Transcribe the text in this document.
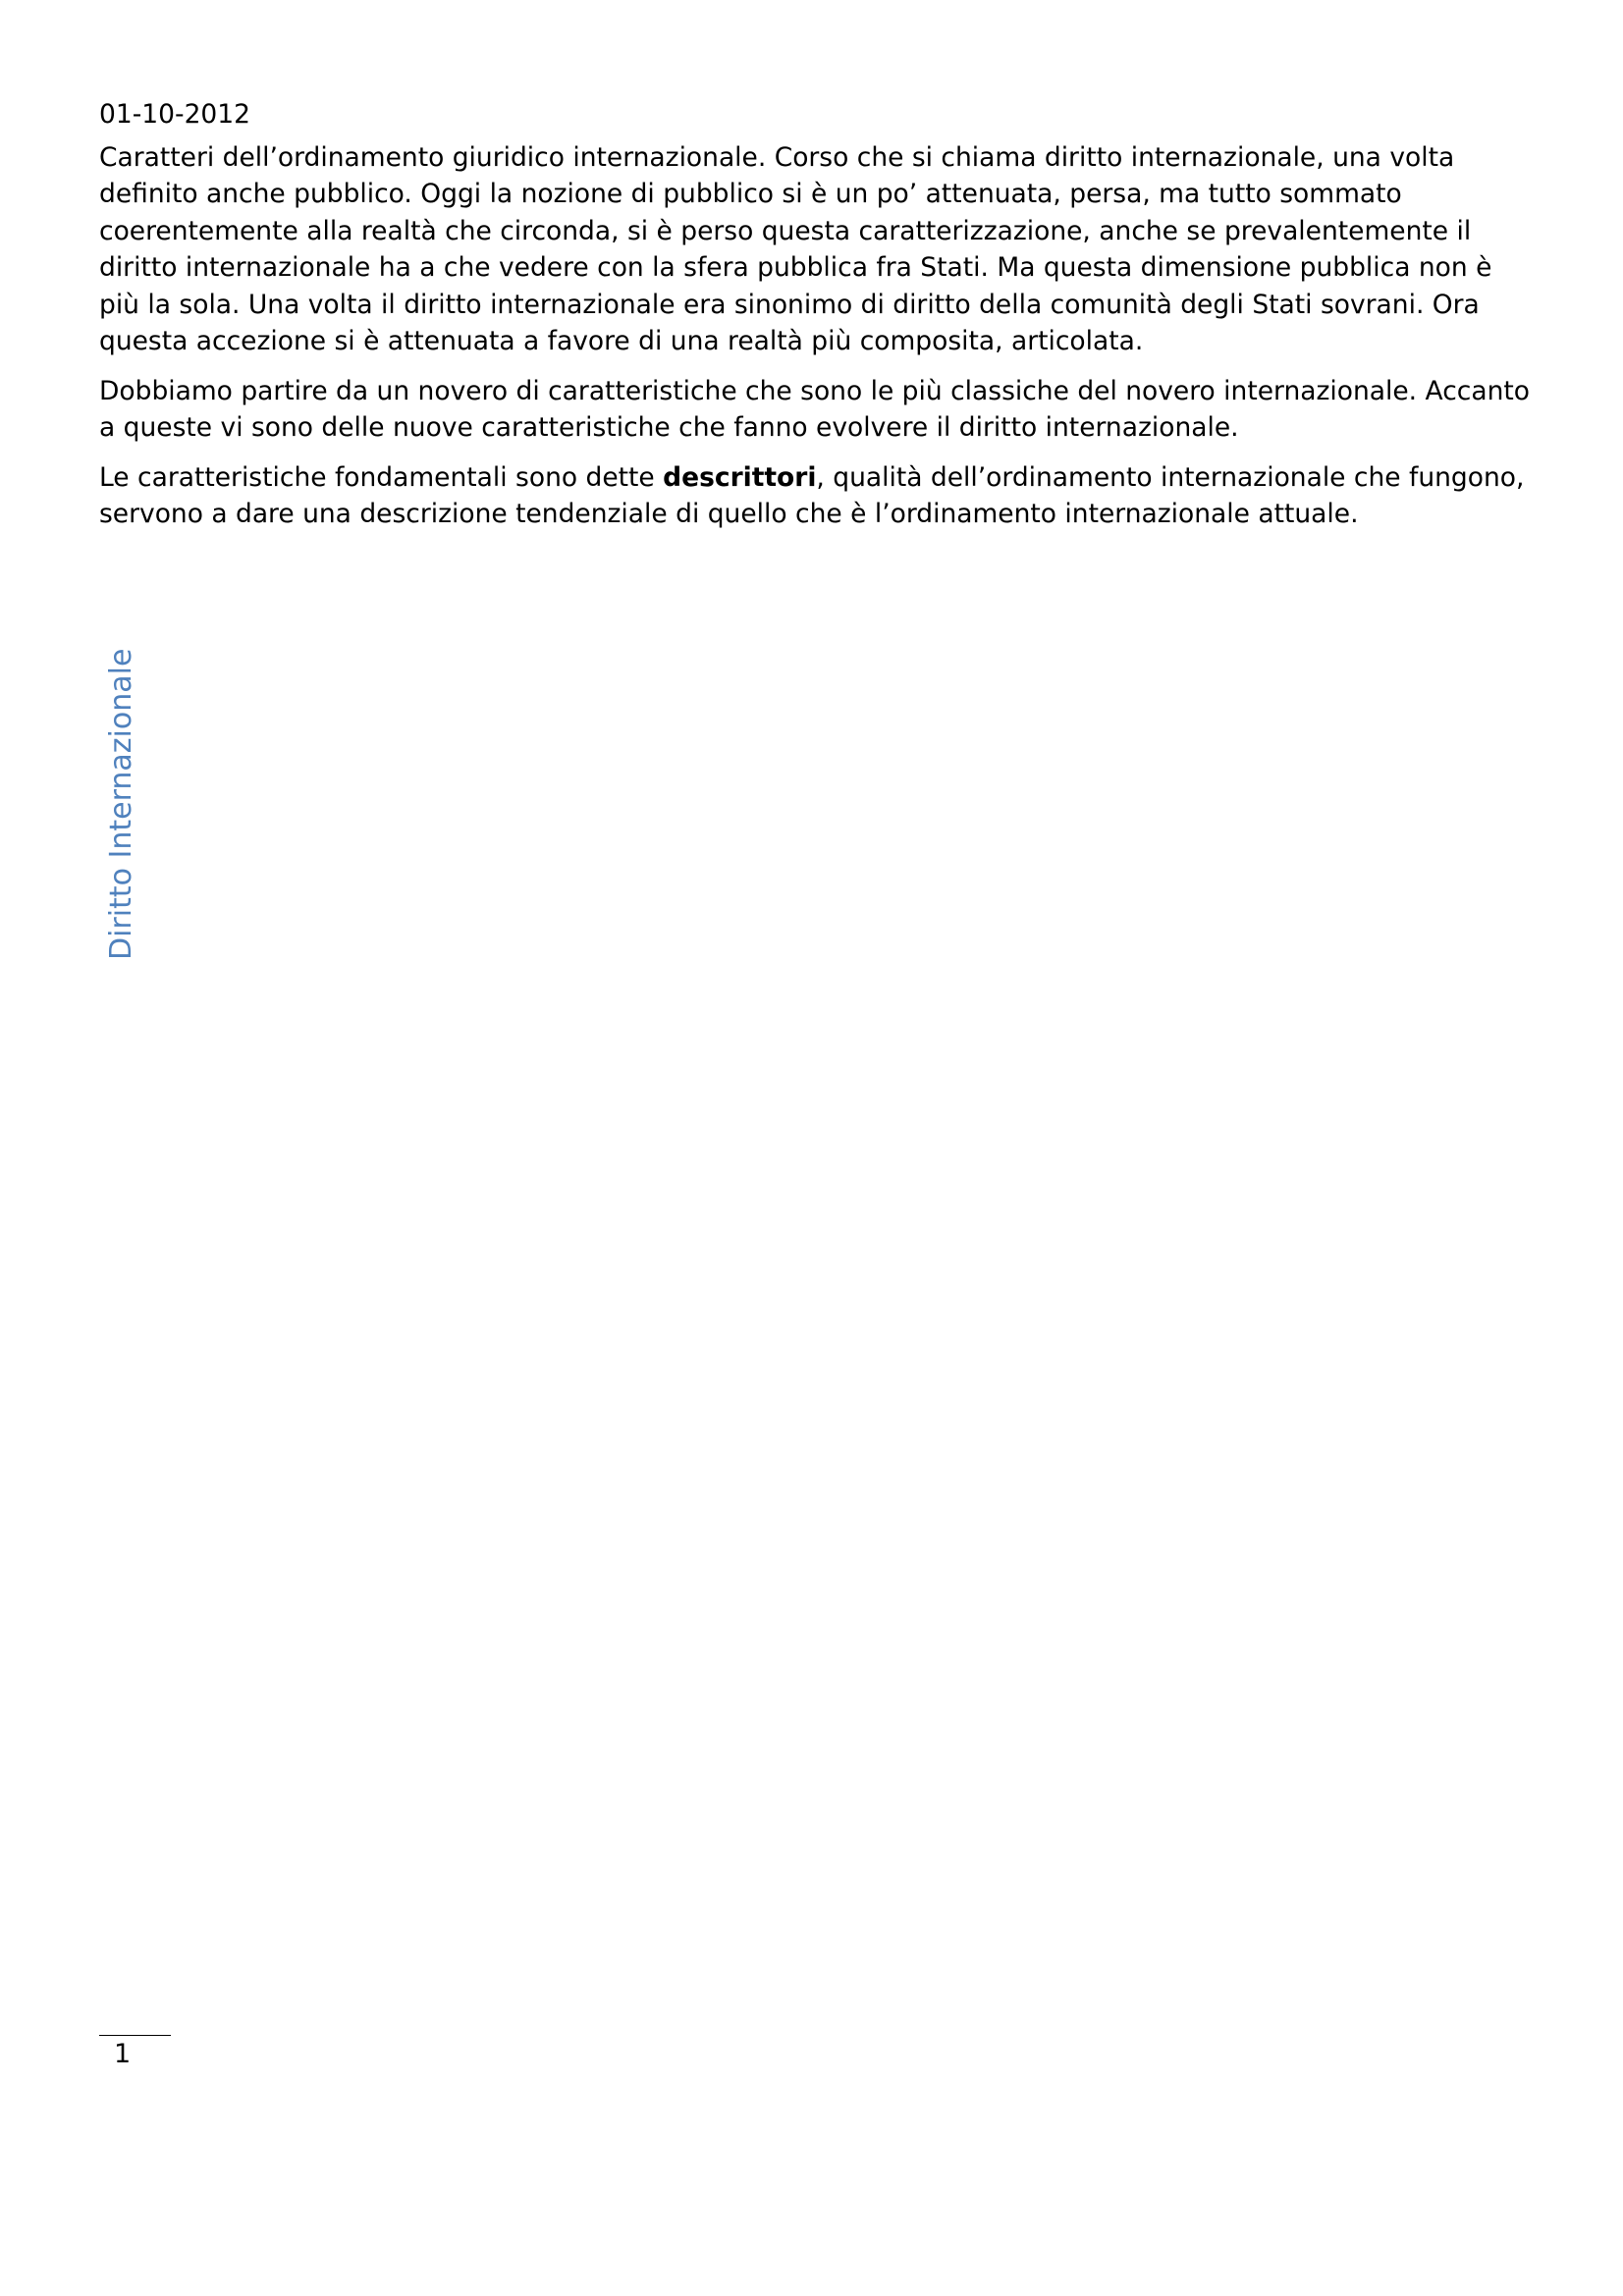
01-10-2012

Caratteri dell’ordinamento giuridico internazionale. Corso che si chiama diritto internazionale, una volta definito anche pubblico. Oggi la nozione di pubblico si è un po’ attenuata, persa, ma tutto sommato coerentemente alla realtà che circonda, si è perso questa caratterizzazione, anche se prevalentemente il diritto internazionale ha a che vedere con la sfera pubblica fra Stati. Ma questa dimensione pubblica non è più la sola. Una volta il diritto internazionale era sinonimo di diritto della comunità degli Stati sovrani. Ora questa accezione si è attenuata a favore di una realtà più composita, articolata.

Dobbiamo partire da un novero di caratteristiche che sono le più classiche del novero internazionale. Accanto a queste vi sono delle nuove caratteristiche che fanno evolvere il diritto internazionale.

Le caratteristiche fondamentali sono dette descrittori, qualità dell’ordinamento internazionale che fungono, servono a dare una descrizione tendenziale di quello che è l’ordinamento internazionale attuale.

Diritto Internazionale
1
